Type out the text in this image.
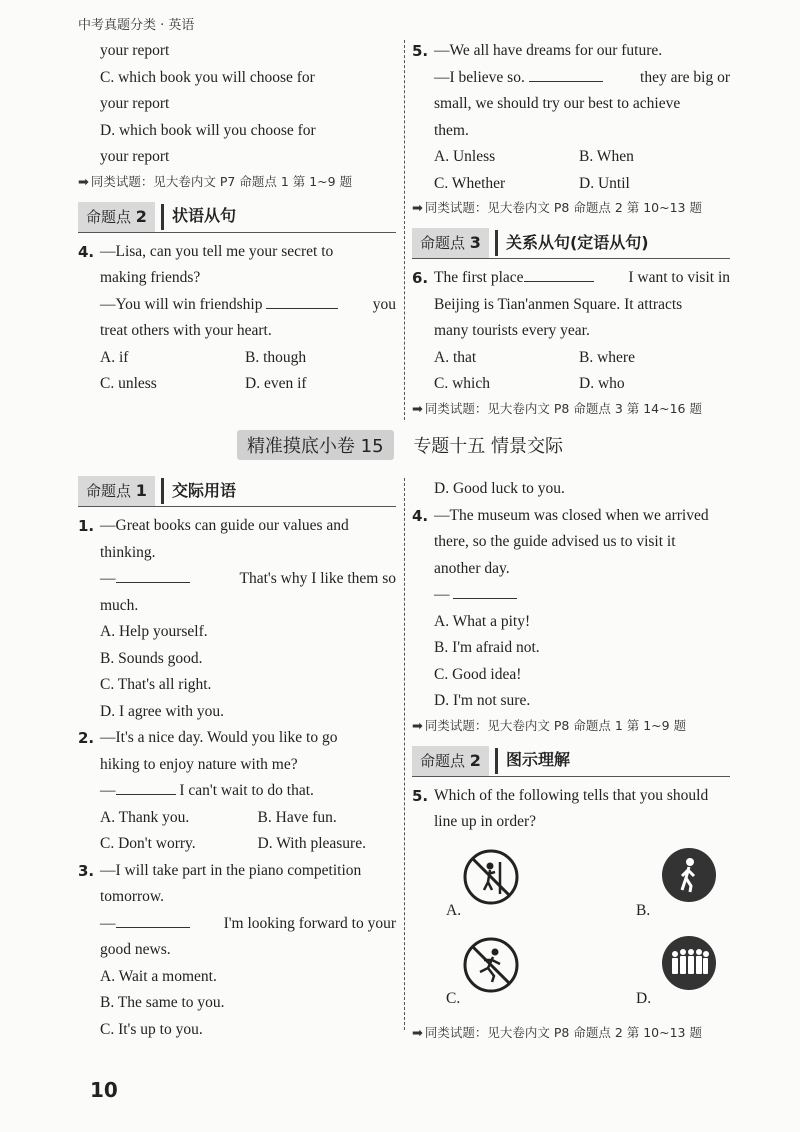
中考真题分类 · 英语

your report

C. which book you will choose for

your report

D. which book will you choose for

your report

➡ 同类试题：见大卷内文 P7 命题点 1 第 1~9 题

命题点 2	状语从句
4. —Lisa, can you tell me your secret to

making friends?

—You will win friendship	you

treat others with your heart.

A. if	B. though
C. unless	D. even if
5. —We all have dreams for our future.

—I believe so.	they are big or

small, we should try our best to achieve

them.

A. Unless	B. When
C. Whether	D. Until

➡ 同类试题：见大卷内文 P8 命题点 2 第 10~13 题

命题点 3	关系从句(定语从句)
6. The first place	I want to visit in

Beijing is Tian'anmen Square. It attracts

many tourists every year.

A. that	B. where
C. which	D. who

➡ 同类试题：见大卷内文 P8 命题点 3 第 14~16 题

精准摸底小卷 15 专题十五 情景交际
命题点 1	交际用语
1. —Great books can guide our values and

thinking.

—	That's why I like them so

much.

A. Help yourself.

B. Sounds good.

C. That's all right.

D. I agree with you.

2. —It's a nice day. Would you like to go

hiking to enjoy nature with me?

—	I can't wait to do that.

A. Thank you.	B. Have fun.
C. Don't worry.	D. With pleasure.
3. —I will take part in the piano competition

tomorrow.

—	I'm looking forward to your

good news.

A. Wait a moment.

B. The same to you.

C. It's up to you.

D. Good luck to you.

4. —The museum was closed when we arrived

there, so the guide advised us to visit it

another day.

—

A. What a pity!

B. I'm afraid not.

C. Good idea!

D. I'm not sure.

➡ 同类试题：见大卷内文 P8 命题点 1 第 1~9 题

命题点 2	图示理解
5. Which of the following tells that you should

line up in order?

A.	B.
C.	D.

➡ 同类试题：见大卷内文 P8 命题点 2 第 10~13 题

10
